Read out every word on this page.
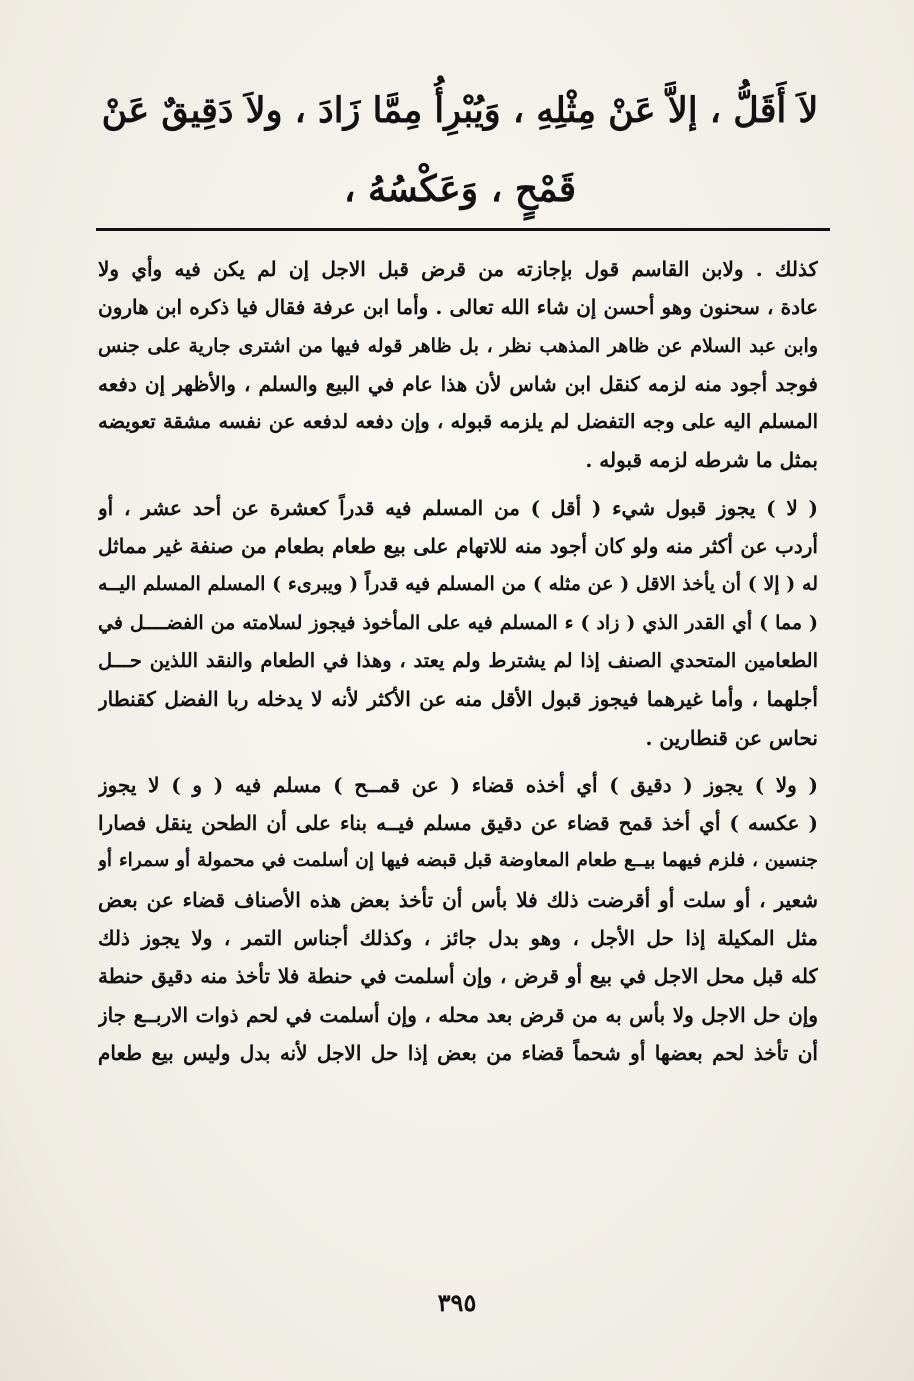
لاَ أَقَلُّ ، إلاَّ عَنْ مِثْلِهِ ، وَيُبْرِأُ مِمَّا زَادَ ، ولاَ دَقِيقٌ عَنْ
قَمْحٍ ، وَعَكْسُهُ ،
كذلك . ولابن القاسم قول بإجازته من قرض قبل الاجل إن لم يكن فيه وأي ولا
عادة ، سحنون وهو أحسن إن شاء الله تعالى . وأما ابن عرفة فقال فيا ذكره ابن هارون
وابن عبد السلام عن ظاهر المذهب نظر ، بل ظاهر قوله فيها من اشترى جارية على جنس
فوجد أجود منه لزمه كنقل ابن شاس لأن هذا عام في البيع والسلم ، والأظهر إن دفعه
المسلم اليه على وجه التفضل لم يلزمه قبوله ، وإن دفعه لدفعه عن نفسه مشقة تعويضه
بمثل ما شرطه لزمه قبوله .
( لا ) يجوز قبول شيء ( أقل ) من المسلم فيه قدراً كعشرة عن أحد عشر ، أو
أردب عن أكثر منه ولو كان أجود منه للاتهام على بيع طعام بطعام من صنفة غير مماثل
له ( إلا ) أن يأخذ الاقل ( عن مثله ) من المسلم فيه قدراً ( ويبرىء ) المسلم المسلم اليــه
( مما ) أي القدر الذي ( زاد ) ء المسلم فيه على المأخوذ فيجوز لسلامته من الفضــــل في
الطعامين المتحدي الصنف إذا لم يشترط ولم يعتد ، وهذا في الطعام والنقد اللذين حـــل
أجلهما ، وأما غيرهما فيجوز قبول الأقل منه عن الأكثر لأنه لا يدخله ربا الفضل كقنطار
نحاس عن قنطارين .
( ولا ) يجوز ( دقيق ) أي أخذه قضاء ( عن قمــح ) مسلم فيه ( و ) لا يجوز
( عكسه ) أي أخذ قمح قضاء عن دقيق مسلم فيــه بناء على أن الطحن ينقل فصارا
جنسين ، فلزم فيهما بيــع طعام المعاوضة قبل قبضه فيها إن أسلمت في محمولة أو سمراء أو
شعير ، أو سلت أو أقرضت ذلك فلا بأس أن تأخذ بعض هذه الأصناف قضاء عن بعض
مثل المكيلة إذا حل الأجل ، وهو بدل جائز ، وكذلك أجناس التمر ، ولا يجوز ذلك
كله قبل محل الاجل في بيع أو قرض ، وإن أسلمت في حنطة فلا تأخذ منه دقيق حنطة
وإن حل الاجل ولا بأس به من قرض بعد محله ، وإن أسلمت في لحم ذوات الاربــع جاز
أن تأخذ لحم بعضها أو شحماً قضاء من بعض إذا حل الاجل لأنه بدل وليس بيع طعام
٣٩٥
